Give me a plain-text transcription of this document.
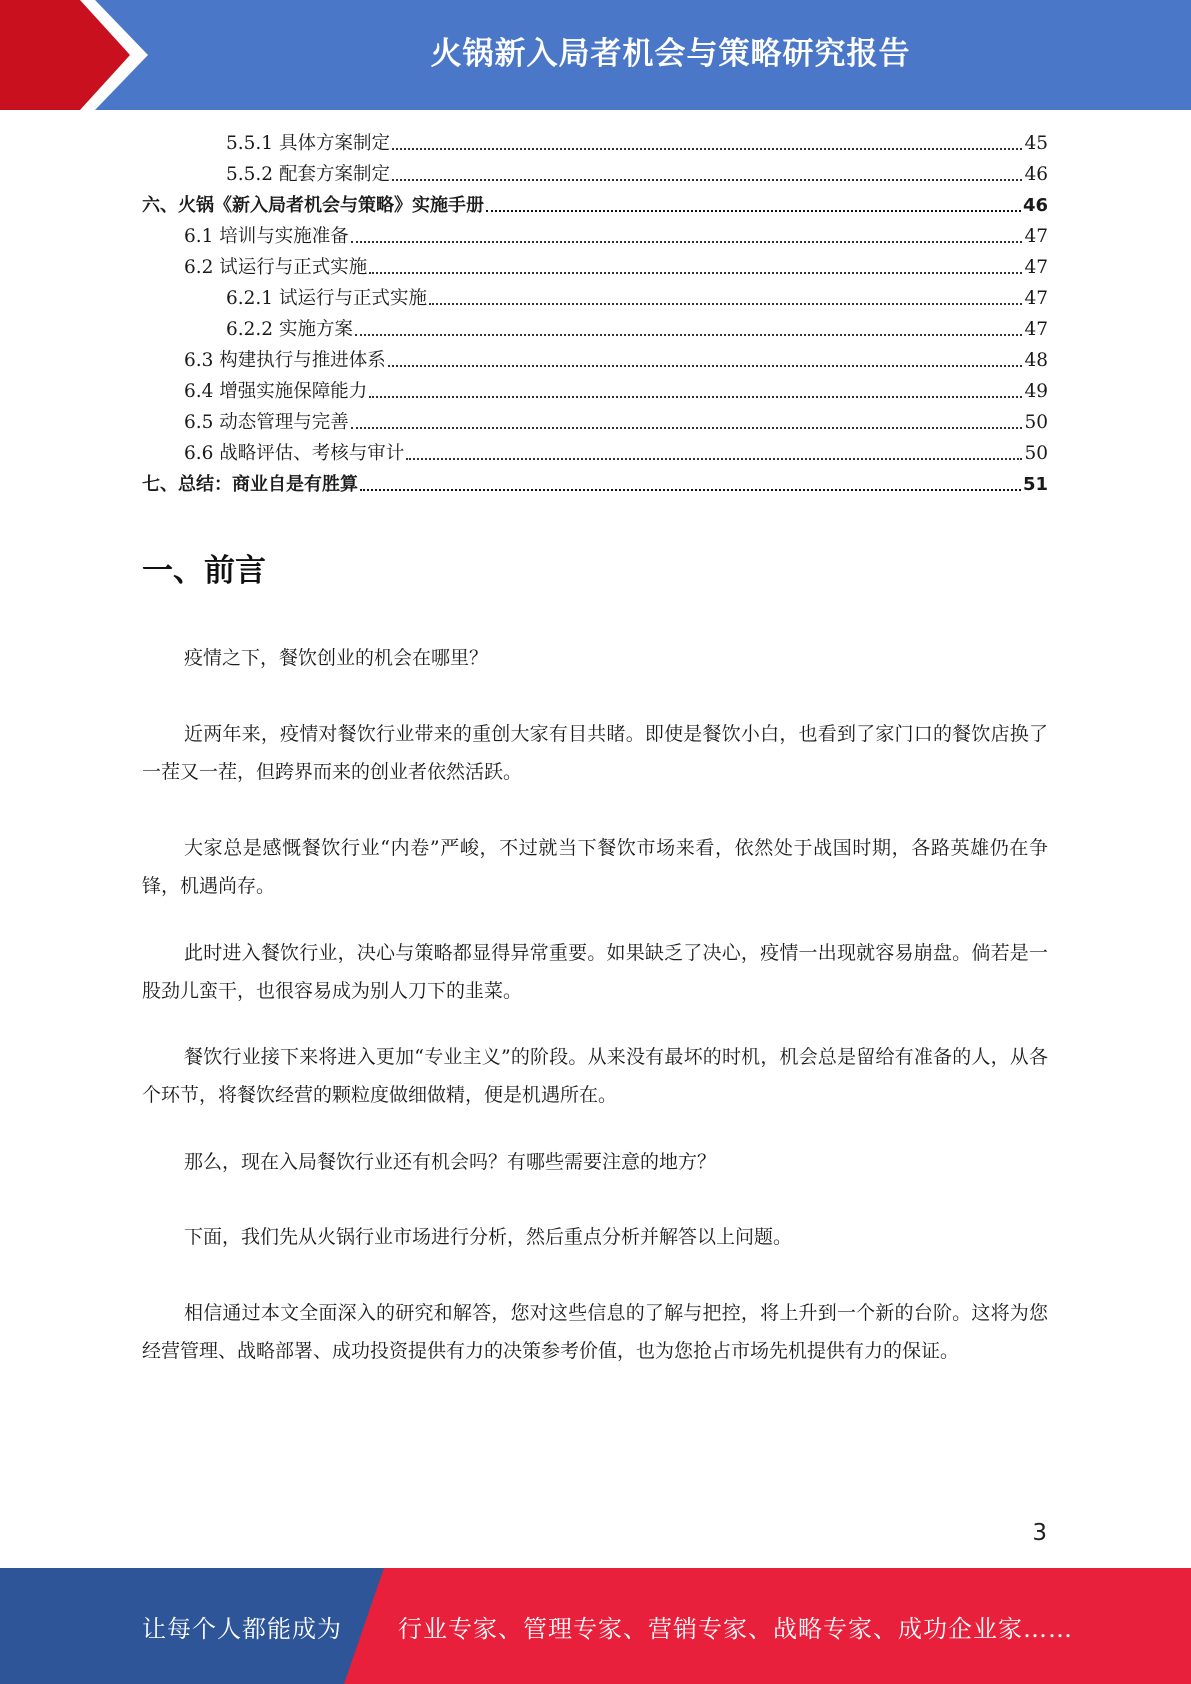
火锅新入局者机会与策略研究报告
5.5.1 具体方案制定	45
5.5.2 配套方案制定	46
六、火锅《新入局者机会与策略》实施手册	46
6.1 培训与实施准备	47
6.2 试运行与正式实施	47
6.2.1 试运行与正式实施	47
6.2.2 实施方案	47
6.3 构建执行与推进体系	48
6.4 增强实施保障能力	49
6.5 动态管理与完善	50
6.6 战略评估、考核与审计	50
七、总结：商业自是有胜算	51
一、前言

疫情之下，餐饮创业的机会在哪里？

近两年来，疫情对餐饮行业带来的重创大家有目共睹。即使是餐饮小白，也看到了家门口的餐饮店换了一茬又一茬，但跨界而来的创业者依然活跃。

大家总是感慨餐饮行业“内卷”严峻，不过就当下餐饮市场来看，依然处于战国时期，各路英雄仍在争锋，机遇尚存。

此时进入餐饮行业，决心与策略都显得异常重要。如果缺乏了决心，疫情一出现就容易崩盘。倘若是一股劲儿蛮干，也很容易成为别人刀下的韭菜。

餐饮行业接下来将进入更加“专业主义”的阶段。从来没有最坏的时机，机会总是留给有准备的人，从各个环节，将餐饮经营的颗粒度做细做精，便是机遇所在。

那么，现在入局餐饮行业还有机会吗？有哪些需要注意的地方？

下面，我们先从火锅行业市场进行分析，然后重点分析并解答以上问题。

相信通过本文全面深入的研究和解答，您对这些信息的了解与把控，将上升到一个新的台阶。这将为您经营管理、战略部署、成功投资提供有力的决策参考价值，也为您抢占市场先机提供有力的保证。

3
让每个人都能成为 行业专家、管理专家、营销专家、战略专家、成功企业家……
